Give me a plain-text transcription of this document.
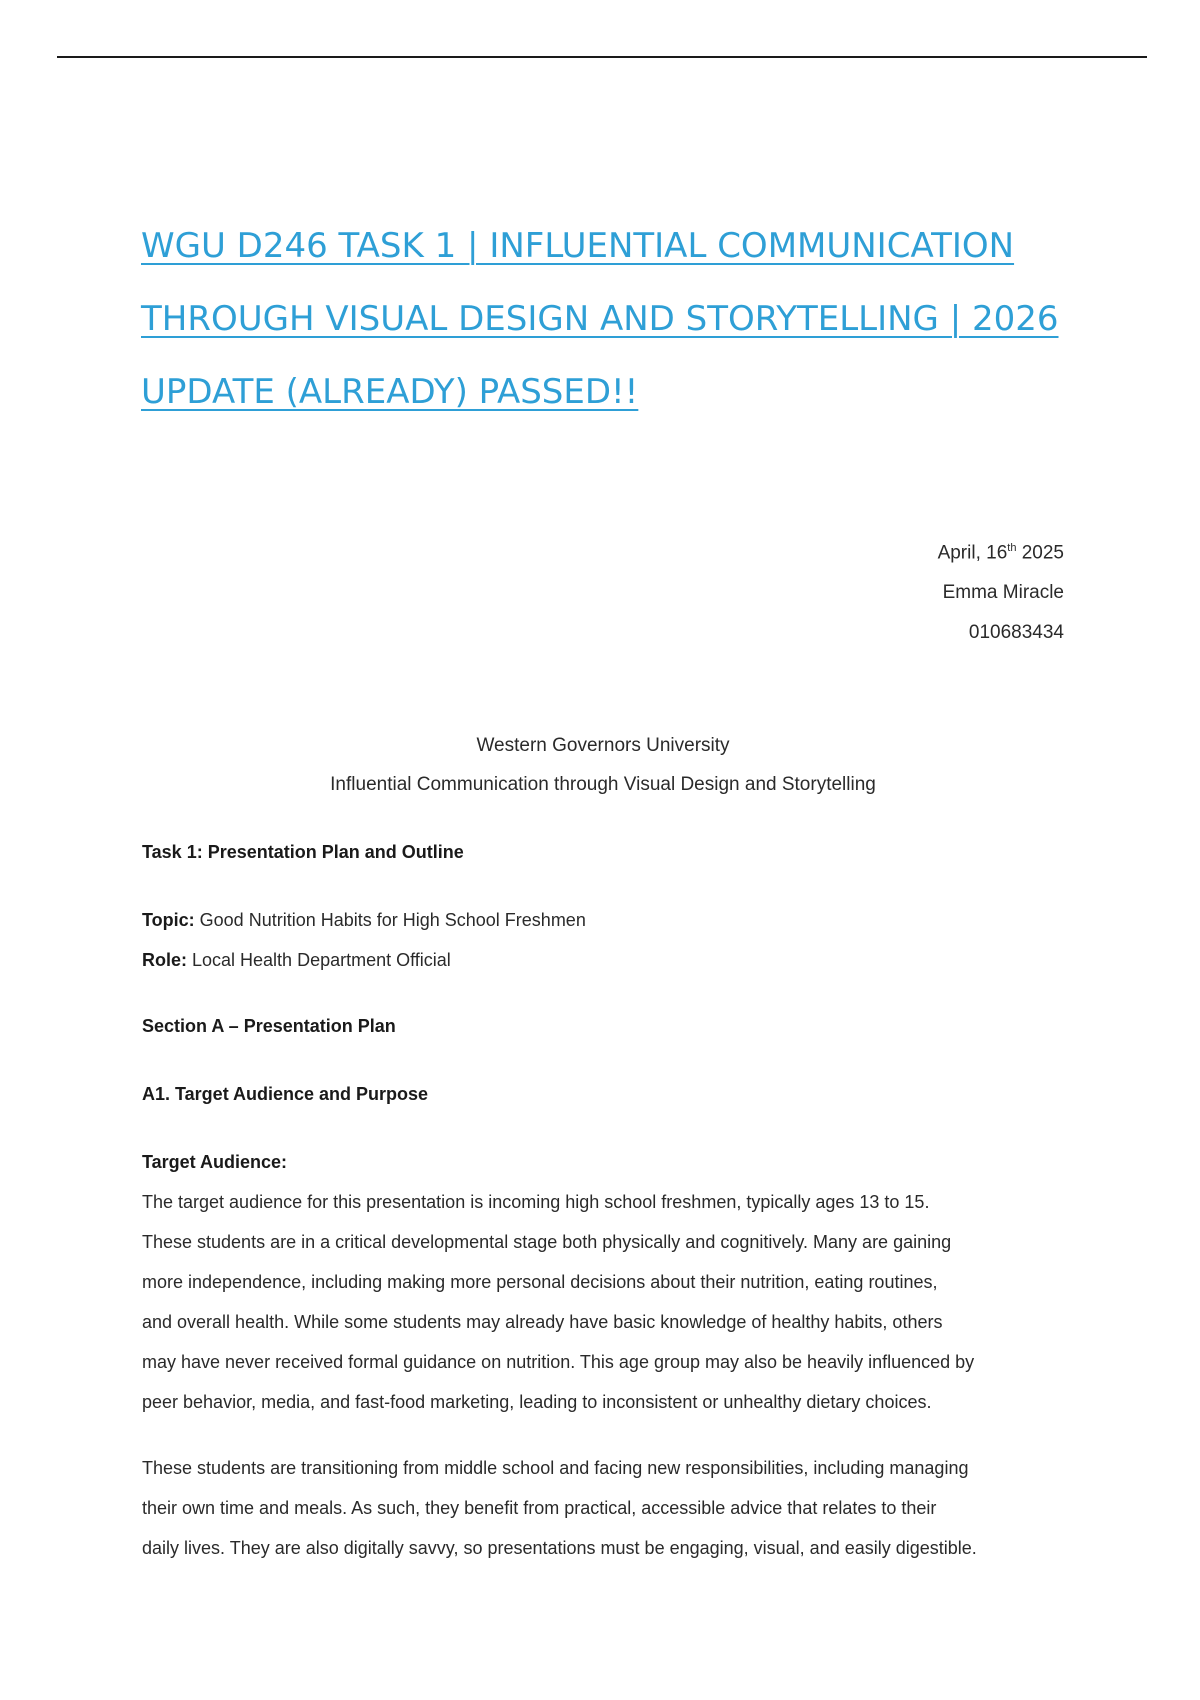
WGU D246 TASK 1 | INFLUENTIAL COMMUNICATION
THROUGH VISUAL DESIGN AND STORYTELLING | 2026
UPDATE (ALREADY) PASSED!!
April, 16th 2025
Emma Miracle
010683434
Western Governors University
Influential Communication through Visual Design and Storytelling
Task 1: Presentation Plan and Outline
Topic: Good Nutrition Habits for High School Freshmen
Role: Local Health Department Official
Section A – Presentation Plan
A1. Target Audience and Purpose
Target Audience:
The target audience for this presentation is incoming high school freshmen, typically ages 13 to 15.
These students are in a critical developmental stage both physically and cognitively. Many are gaining
more independence, including making more personal decisions about their nutrition, eating routines,
and overall health. While some students may already have basic knowledge of healthy habits, others
may have never received formal guidance on nutrition. This age group may also be heavily influenced by
peer behavior, media, and fast-food marketing, leading to inconsistent or unhealthy dietary choices.
These students are transitioning from middle school and facing new responsibilities, including managing
their own time and meals. As such, they benefit from practical, accessible advice that relates to their
daily lives. They are also digitally savvy, so presentations must be engaging, visual, and easily digestible.
